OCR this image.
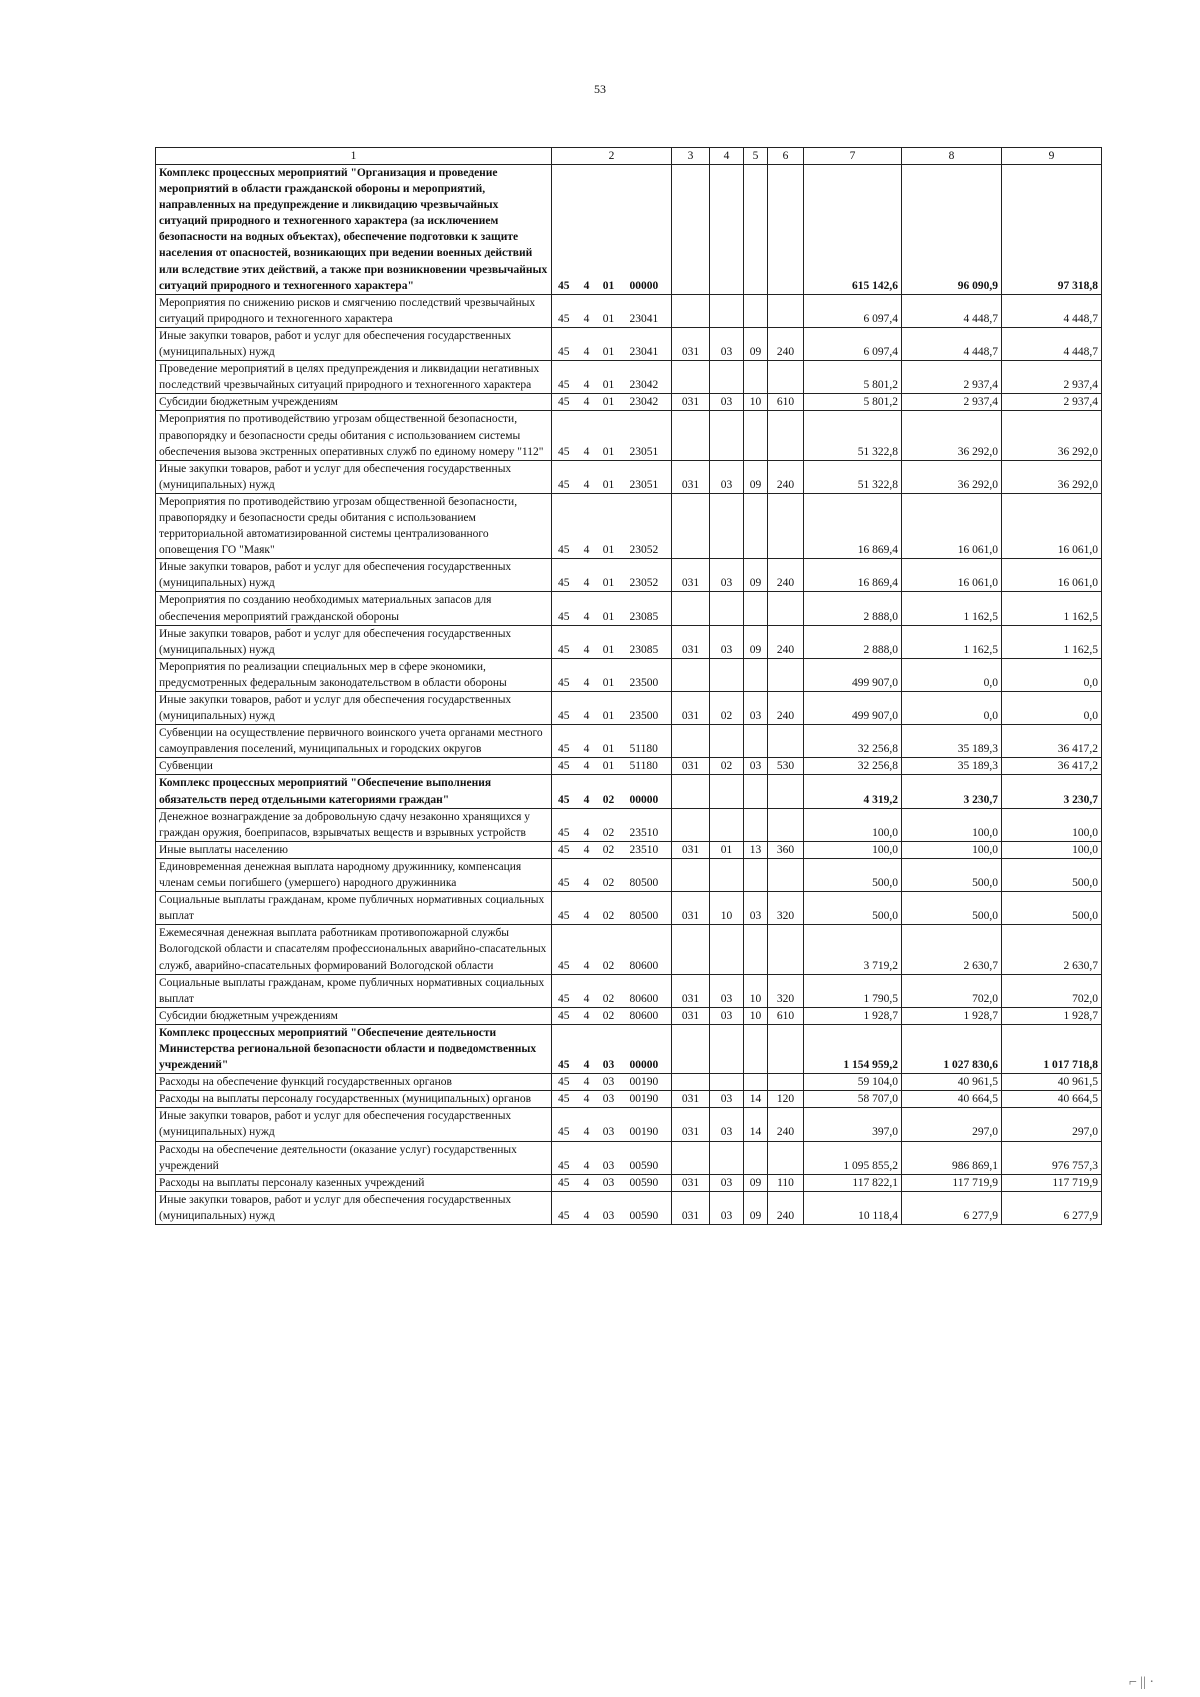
53
1	2				3	4	5	6	7	8	9
Комплекс процессных мероприятий "Организация и проведение мероприятий в области гражданской обороны и мероприятий, направленных на предупреждение и ликвидацию чрезвычайных ситуаций природного и техногенного характера (за исключением безопасности на водных объектах), обеспечение подготовки к защите населения от опасностей, возникающих при ведении военных действий или вследствие этих действий, а также при возникновении чрезвычайных ситуаций природного и техногенного характера"	45	4	01	00000					615 142,6	96 090,9	97 318,8
Мероприятия по снижению рисков и смягчению последствий чрезвычайных ситуаций природного и техногенного характера	45	4	01	23041					6 097,4	4 448,7	4 448,7
Иные закупки товаров, работ и услуг для обеспечения государственных (муниципальных) нужд	45	4	01	23041	031	03	09	240	6 097,4	4 448,7	4 448,7
Проведение мероприятий в целях предупреждения и ликвидации негативных последствий чрезвычайных ситуаций природного и техногенного характера	45	4	01	23042					5 801,2	2 937,4	2 937,4
Субсидии бюджетным учреждениям	45	4	01	23042	031	03	10	610	5 801,2	2 937,4	2 937,4
Мероприятия по противодействию угрозам общественной безопасности, правопорядку и безопасности среды обитания с использованием системы обеспечения вызова экстренных оперативных служб по единому номеру "112"	45	4	01	23051					51 322,8	36 292,0	36 292,0
Иные закупки товаров, работ и услуг для обеспечения государственных (муниципальных) нужд	45	4	01	23051	031	03	09	240	51 322,8	36 292,0	36 292,0
Мероприятия по противодействию угрозам общественной безопасности, правопорядку и безопасности среды обитания с использованием территориальной автоматизированной системы централизованного оповещения ГО "Маяк"	45	4	01	23052					16 869,4	16 061,0	16 061,0
Иные закупки товаров, работ и услуг для обеспечения государственных (муниципальных) нужд	45	4	01	23052	031	03	09	240	16 869,4	16 061,0	16 061,0
Мероприятия по созданию необходимых материальных запасов для обеспечения мероприятий гражданской обороны	45	4	01	23085					2 888,0	1 162,5	1 162,5
Иные закупки товаров, работ и услуг для обеспечения государственных (муниципальных) нужд	45	4	01	23085	031	03	09	240	2 888,0	1 162,5	1 162,5
Мероприятия по реализации специальных мер в сфере экономики, предусмотренных федеральным законодательством в области обороны	45	4	01	23500					499 907,0	0,0	0,0
Иные закупки товаров, работ и услуг для обеспечения государственных (муниципальных) нужд	45	4	01	23500	031	02	03	240	499 907,0	0,0	0,0
Субвенции на осуществление первичного воинского учета органами местного самоуправления поселений, муниципальных и городских округов	45	4	01	51180					32 256,8	35 189,3	36 417,2
Субвенции	45	4	01	51180	031	02	03	530	32 256,8	35 189,3	36 417,2
Комплекс процессных мероприятий "Обеспечение выполнения обязательств перед отдельными категориями граждан"	45	4	02	00000					4 319,2	3 230,7	3 230,7
Денежное вознаграждение за добровольную сдачу незаконно хранящихся у граждан оружия, боеприпасов, взрывчатых веществ и взрывных устройств	45	4	02	23510					100,0	100,0	100,0
Иные выплаты населению	45	4	02	23510	031	01	13	360	100,0	100,0	100,0
Единовременная денежная выплата народному дружиннику, компенсация членам семьи погибшего (умершего) народного дружинника	45	4	02	80500					500,0	500,0	500,0
Социальные выплаты гражданам, кроме публичных нормативных социальных выплат	45	4	02	80500	031	10	03	320	500,0	500,0	500,0
Ежемесячная денежная выплата работникам противопожарной службы Вологодской области и спасателям профессиональных аварийно-спасательных служб, аварийно-спасательных формирований Вологодской области	45	4	02	80600					3 719,2	2 630,7	2 630,7
Социальные выплаты гражданам, кроме публичных нормативных социальных выплат	45	4	02	80600	031	03	10	320	1 790,5	702,0	702,0
Субсидии бюджетным учреждениям	45	4	02	80600	031	03	10	610	1 928,7	1 928,7	1 928,7
Комплекс процессных мероприятий "Обеспечение деятельности Министерства региональной безопасности области и подведомственных учреждений"	45	4	03	00000					1 154 959,2	1 027 830,6	1 017 718,8
Расходы на обеспечение функций государственных органов	45	4	03	00190					59 104,0	40 961,5	40 961,5
Расходы на выплаты персоналу государственных (муниципальных) органов	45	4	03	00190	031	03	14	120	58 707,0	40 664,5	40 664,5
Иные закупки товаров, работ и услуг для обеспечения государственных (муниципальных) нужд	45	4	03	00190	031	03	14	240	397,0	297,0	297,0
Расходы на обеспечение деятельности (оказание услуг) государственных учреждений	45	4	03	00590					1 095 855,2	986 869,1	976 757,3
Расходы на выплаты персоналу казенных учреждений	45	4	03	00590	031	03	09	110	117 822,1	117 719,9	117 719,9
Иные закупки товаров, работ и услуг для обеспечения государственных (муниципальных) нужд	45	4	03	00590	031	03	09	240	10 118,4	6 277,9	6 277,9
⌐ || ·
